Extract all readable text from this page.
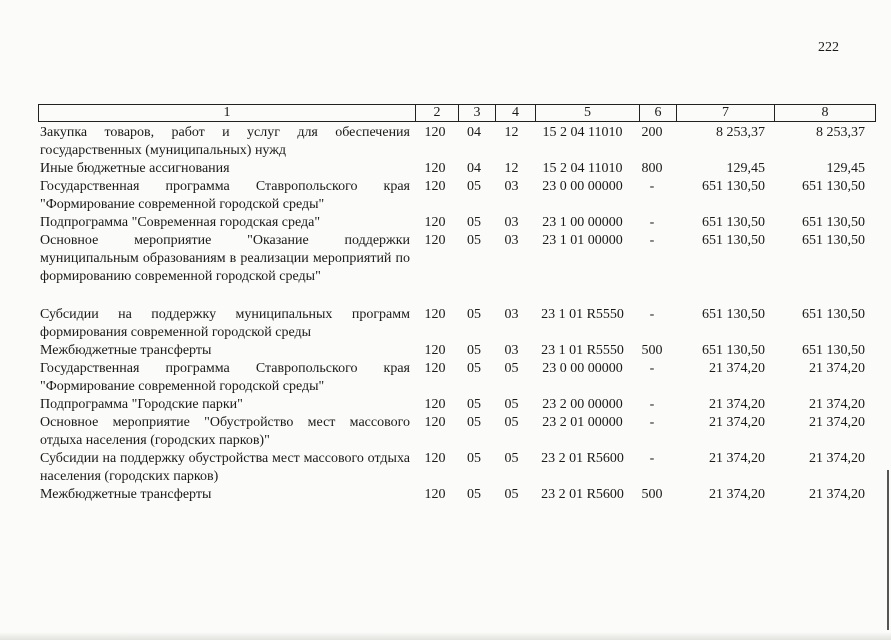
222
1	2	3	4	5	6	7	8
Закупка товаров, работ и услуг для обеспечения государственных (муниципальных) нужд	120	04	12	15 2 04 11010	200	8 253,37	8 253,37
Иные бюджетные ассигнования	120	04	12	15 2 04 11010	800	129,45	129,45
Государственная программа Ставропольского края "Формирование современной городской среды"	120	05	03	23 0 00 00000	-	651 130,50	651 130,50
Подпрограмма "Современная городская среда"	120	05	03	23 1 00 00000	-	651 130,50	651 130,50
Основное мероприятие "Оказание поддержки муниципальным образованиям в реализации мероприятий по формированию современной городской среды"	120	05	03	23 1 01 00000	-	651 130,50	651 130,50
Субсидии на поддержку муниципальных программ формирования современной городской среды	120	05	03	23 1 01 R5550	-	651 130,50	651 130,50
Межбюджетные трансферты	120	05	03	23 1 01 R5550	500	651 130,50	651 130,50
Государственная программа Ставропольского края "Формирование современной городской среды"	120	05	05	23 0 00 00000	-	21 374,20	21 374,20
Подпрограмма "Городские парки"	120	05	05	23 2 00 00000	-	21 374,20	21 374,20
Основное мероприятие "Обустройство мест массового отдыха населения (городских парков)"	120	05	05	23 2 01 00000	-	21 374,20	21 374,20
Субсидии на поддержку обустройства мест массового отдыха населения (городских парков)	120	05	05	23 2 01 R5600	-	21 374,20	21 374,20
Межбюджетные трансферты	120	05	05	23 2 01 R5600	500	21 374,20	21 374,20
